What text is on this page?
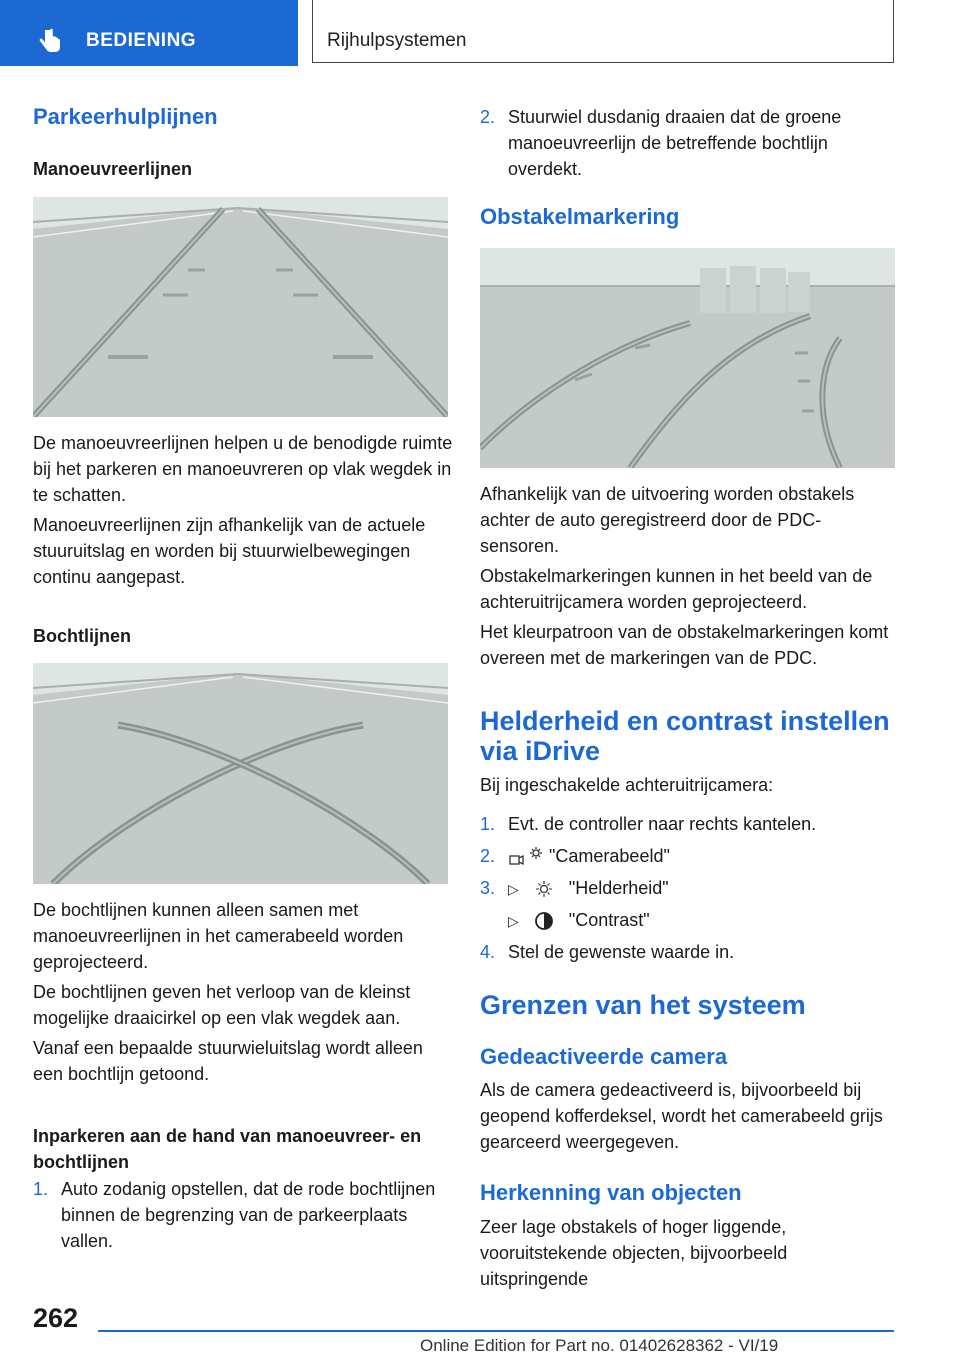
BEDIENING	Rijhulpsystemen
Parkeerhulplijnen
Manoeuvreerlijnen

De manoeuvreerlijnen helpen u de benodigde ruimte bij het parkeren en manoeuvreren op vlak wegdek in te schatten.

Manoeuvreerlijnen zijn afhankelijk van de actuele stuuruitslag en worden bij stuurwielbewegingen continu aangepast.

Bochtlijnen

De bochtlijnen kunnen alleen samen met manoeuvreerlijnen in het camerabeeld worden geprojecteerd.

De bochtlijnen geven het verloop van de kleinst mogelijke draaicirkel op een vlak wegdek aan.

Vanaf een bepaalde stuurwieluitslag wordt alleen een bochtlijn getoond.

Inparkeren aan de hand van manoeuvreer- en bochtlijnen
1. Auto zodanig opstellen, dat de rode bochtlijnen binnen de begrenzing van de parkeerplaats vallen.
2. Stuurwiel dusdanig draaien dat de groene manoeuvreerlijn de betreffende bochtlijn overdekt.
Obstakelmarkering

Afhankelijk van de uitvoering worden obstakels achter de auto geregistreerd door de PDC-sensoren.

Obstakelmarkeringen kunnen in het beeld van de achteruitrijcamera worden geprojecteerd.

Het kleurpatroon van de obstakelmarkeringen komt overeen met de markeringen van de PDC.

Helderheid en contrast instellen via iDrive

Bij ingeschakelde achteruitrijcamera:

1. Evt. de controller naar rechts kantelen.
2.	"Camerabeeld"
3. ▷	"Helderheid"
▷	"Contrast"
4. Stel de gewenste waarde in.
Grenzen van het systeem
Gedeactiveerde camera

Als de camera gedeactiveerd is, bijvoorbeeld bij geopend kofferdeksel, wordt het camerabeeld grijs gearceerd weergegeven.

Herkenning van objecten

Zeer lage obstakels of hoger liggende, vooruitstekende objecten, bijvoorbeeld uitspringende

262
Online Edition for Part no. 01402628362 - VI/19
